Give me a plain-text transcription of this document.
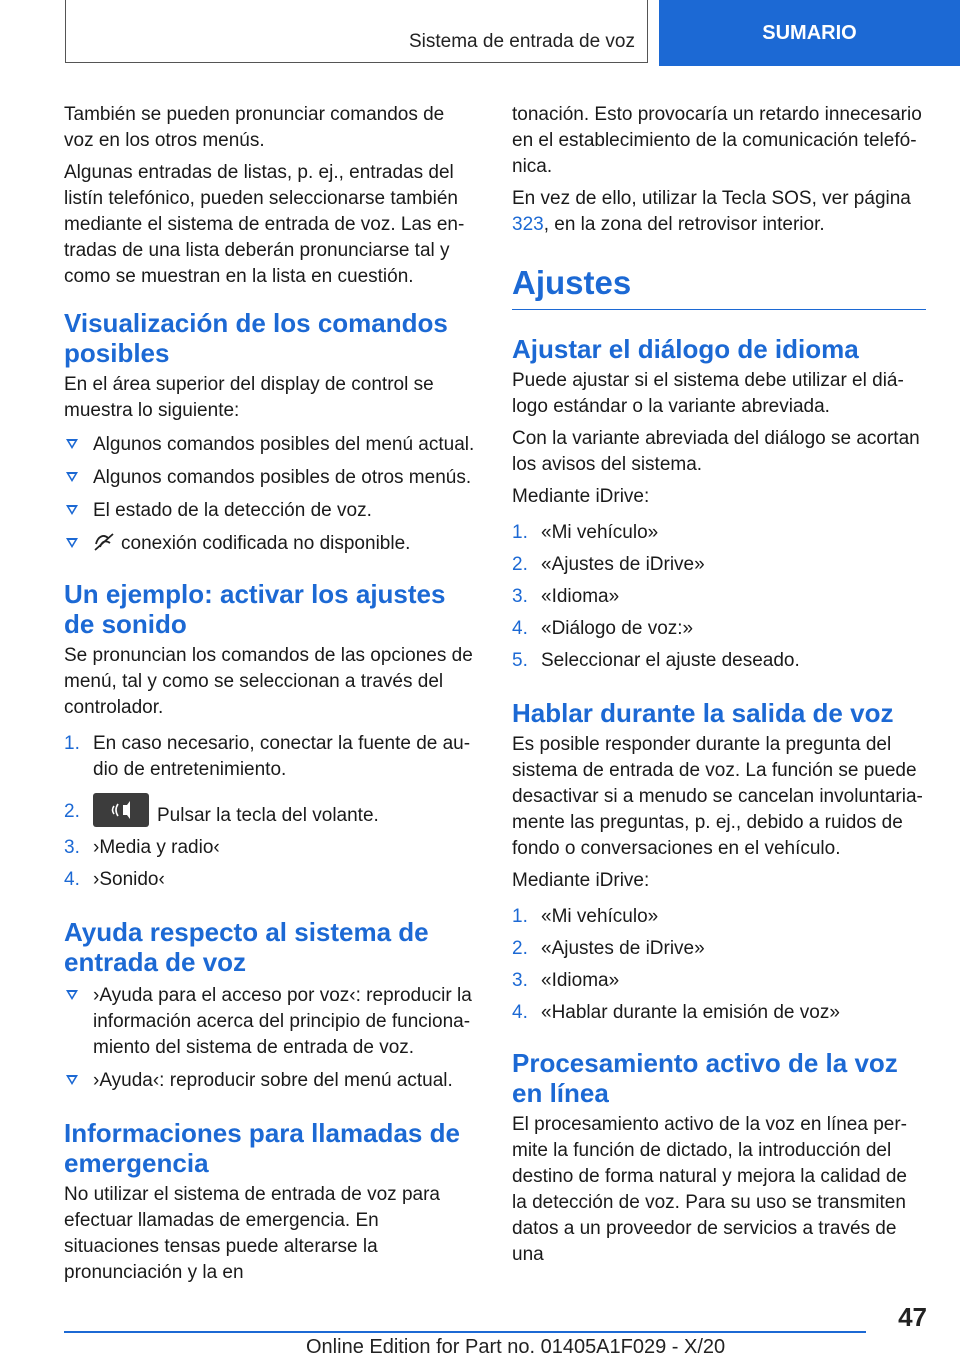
Sistema de entrada de voz	SUMARIO

También se pueden pronunciar comandos de voz en los otros menús.

Algunas entradas de listas, p. ej., entradas del listín telefónico, pueden seleccionarse también mediante el sistema de entrada de voz. Las entradas de una lista deberán pronunciarse tal y como se muestran en la lista en cuestión.

Visualización de los comandos posibles

En el área superior del display de control se muestra lo siguiente:

Algunos comandos posibles del menú actual.
Algunos comandos posibles de otros menús.
El estado de la detección de voz.
conexión codificada no disponible.
Un ejemplo: activar los ajustes de sonido

Se pronuncian los comandos de las opciones de menú, tal y como se seleccionan a través del controlador.

1. En caso necesario, conectar la fuente de audio de entretenimiento.
2.	Pulsar la tecla del volante.
3. ›Media y radio‹
4. ›Sonido‹
Ayuda respecto al sistema de entrada de voz
›Ayuda para el acceso por voz‹: reproducir la información acerca del principio de funcionamiento del sistema de entrada de voz.
›Ayuda‹: reproducir sobre del menú actual.
Informaciones para llamadas de emergencia

No utilizar el sistema de entrada de voz para efectuar llamadas de emergencia. En situaciones tensas puede alterarse la pronunciación y la en

tonación. Esto provocaría un retardo innecesario en el establecimiento de la comunicación telefónica.

En vez de ello, utilizar la Tecla SOS, ver página 323, en la zona del retrovisor interior.

Ajustes
Ajustar el diálogo de idioma

Puede ajustar si el sistema debe utilizar el diálogo estándar o la variante abreviada.

Con la variante abreviada del diálogo se acortan los avisos del sistema.

Mediante iDrive:

1. «Mi vehículo»
2. «Ajustes de iDrive»
3. «Idioma»
4. «Diálogo de voz:»
5. Seleccionar el ajuste deseado.
Hablar durante la salida de voz

Es posible responder durante la pregunta del sistema de entrada de voz. La función se puede desactivar si a menudo se cancelan involuntariamente las preguntas, p. ej., debido a ruidos de fondo o conversaciones en el vehículo.

Mediante iDrive:

1. «Mi vehículo»
2. «Ajustes de iDrive»
3. «Idioma»
4. «Hablar durante la emisión de voz»
Procesamiento activo de la voz en línea

El procesamiento activo de la voz en línea permite la función de dictado, la introducción del destino de forma natural y mejora la calidad de la detección de voz. Para su uso se transmiten datos a un proveedor de servicios a través de una

47
Online Edition for Part no. 01405A1F029 - X/20
